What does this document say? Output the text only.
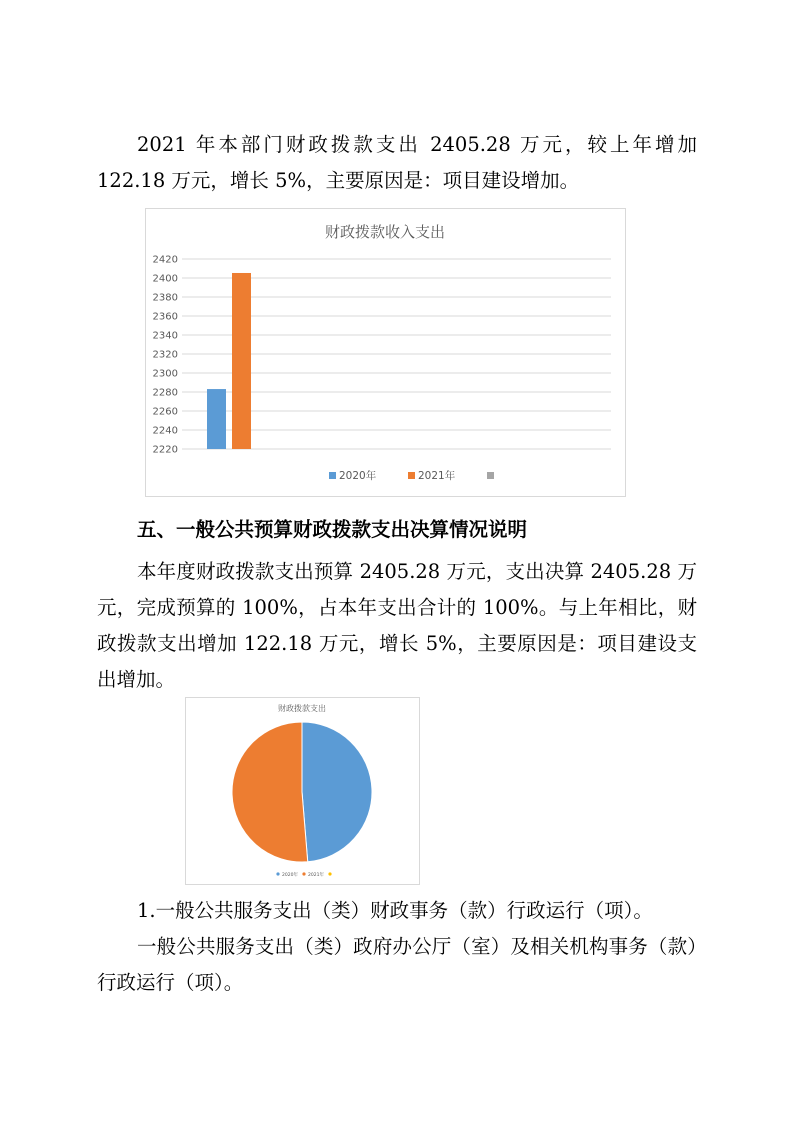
2021 年本部门财政拨款支出 2405.28 万元，较上年增加 122.18 万元，增长 5%，主要原因是：项目建设增加。

财政拨款收入支出
2220
2240
2260
2280
2300
2320
2340
2360
2380
2400
2420
2020年	2021年
五、一般公共预算财政拨款支出决算情况说明

本年度财政拨款支出预算 2405.28 万元，支出决算 2405.28 万元，完成预算的 100%，占本年支出合计的 100%。与上年相比，财政拨款支出增加 122.18 万元，增长 5%，主要原因是：项目建设支出增加。

财政拨款支出
2020年 2021年

1.一般公共服务支出（类）财政事务（款）行政运行（项）。

一般公共服务支出（类）政府办公厅（室）及相关机构事务（款）行政运行（项）。
